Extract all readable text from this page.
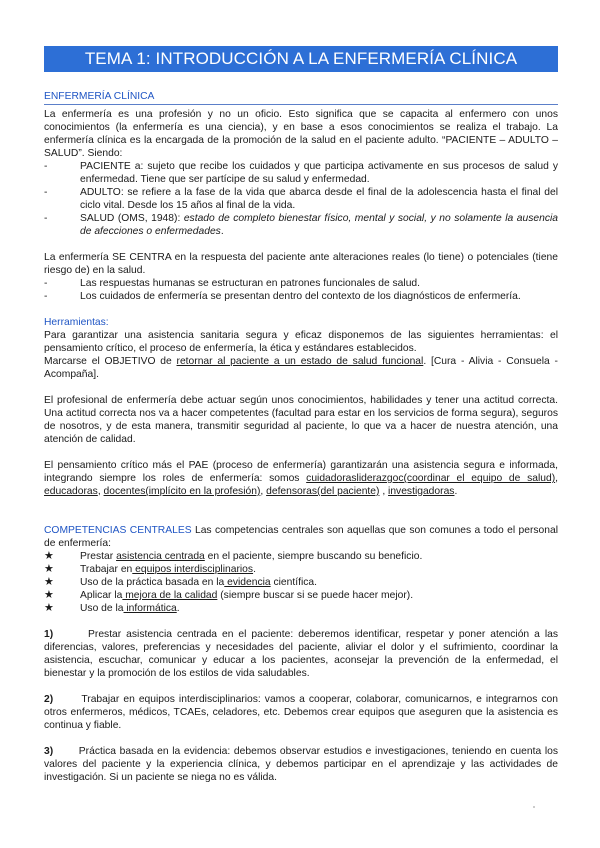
TEMA 1: INTRODUCCIÓN A LA ENFERMERÍA CLÍNICA
ENFERMERÍA CLÍNICA

La enfermería es una profesión y no un oficio. Esto significa que se capacita al enfermero con unos conocimientos (la enfermería es una ciencia), y en base a esos conocimientos se realiza el trabajo. La enfermería clínica es la encargada de la promoción de la salud en el paciente adulto. “PACIENTE – ADULTO – SALUD”. Siendo:

-	PACIENTE a: sujeto que recibe los cuidados y que participa activamente en sus procesos de salud y enfermedad. Tiene que ser partícipe de su salud y enfermedad.
-	ADULTO: se refiere a la fase de la vida que abarca desde el final de la adolescencia hasta el final del ciclo vital. Desde los 15 años al final de la vida.
-	SALUD (OMS, 1948): estado de completo bienestar físico, mental y social, y no solamente la ausencia de afecciones o enfermedades.

La enfermería SE CENTRA en la respuesta del paciente ante alteraciones reales (lo tiene) o potenciales (tiene riesgo de) en la salud.

-	Las respuestas humanas se estructuran en patrones funcionales de salud.
-	Los cuidados de enfermería se presentan dentro del contexto de los diagnósticos de enfermería.
Herramientas:

Para garantizar una asistencia sanitaria segura y eficaz disponemos de las siguientes herramientas: el pensamiento crítico, el proceso de enfermería, la ética y estándares establecidos.

Marcarse el OBJETIVO de retornar al paciente a un estado de salud funcional. [Cura - Alivia - Consuela - Acompaña].

El profesional de enfermería debe actuar según unos conocimientos, habilidades y tener una actitud correcta. Una actitud correcta nos va a hacer competentes (facultad para estar en los servicios de forma segura), seguros de nosotros, y de esta manera, transmitir seguridad al paciente, lo que va a hacer de nuestra atención, una atención de calidad.

El pensamiento crítico más el PAE (proceso de enfermería) garantizarán una asistencia segura e informada, integrando siempre los roles de enfermería: somos cuidadorasliderazgoc(coordinar el equipo de salud), educadoras, docentes(implícito en la profesión), defensoras(del paciente) , investigadoras.

COMPETENCIAS CENTRALES Las competencias centrales son aquellas que son comunes a todo el personal de enfermería:

★	Prestar asistencia centrada en el paciente, siempre buscando su beneficio.
★	Trabajar en equipos interdisciplinarios.
★	Uso de la práctica basada en la evidencia científica.
★	Aplicar la mejora de la calidad (siempre buscar si se puede hacer mejor).
★	Uso de la informática.

1)	Prestar asistencia centrada en el paciente: deberemos identificar, respetar y poner atención a las diferencias, valores, preferencias y necesidades del paciente, aliviar el dolor y el sufrimiento, coordinar la asistencia, escuchar, comunicar y educar a los pacientes, aconsejar la prevención de la enfermedad, el bienestar y la promoción de los estilos de vida saludables.

2)	Trabajar en equipos interdisciplinarios: vamos a cooperar, colaborar, comunicarnos, e integrarnos con otros enfermeros, médicos, TCAEs, celadores, etc. Debemos crear equipos que aseguren que la asistencia es continua y fiable.

3) Práctica basada en la evidencia: debemos observar estudios e investigaciones, teniendo en cuenta los valores del paciente y la experiencia clínica, y debemos participar en el aprendizaje y las actividades de investigación. Si un paciente se niega no es válida.
